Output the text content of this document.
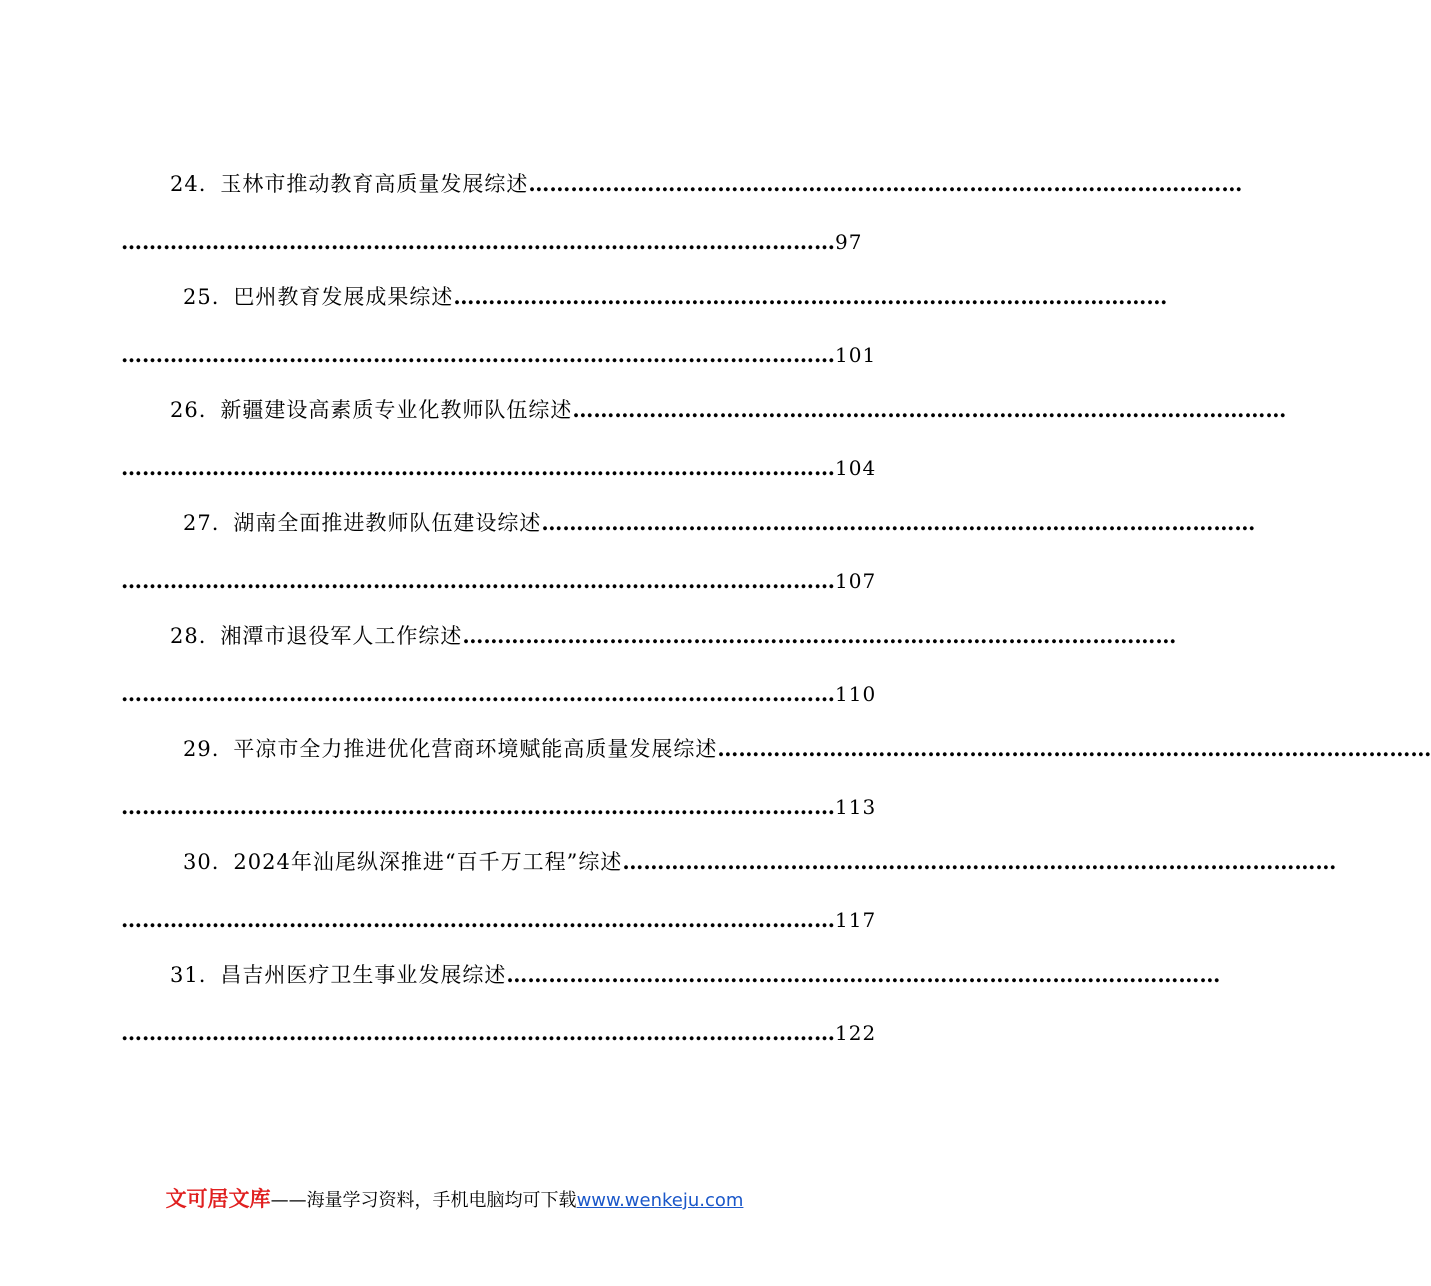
24. 玉林市推动教育高质量发展综述 …………………………………………………………………………………………
………………………………………………………………………………………… 97
25. 巴州教育发展成果综述 …………………………………………………………………………………………
………………………………………………………………………………………… 101
26. 新疆建设高素质专业化教师队伍综述 …………………………………………………………………………………………
………………………………………………………………………………………… 104
27. 湖南全面推进教师队伍建设综述 …………………………………………………………………………………………
………………………………………………………………………………………… 107
28. 湘潭市退役军人工作综述 …………………………………………………………………………………………
………………………………………………………………………………………… 110
29. 平凉市全力推进优化营商环境赋能高质量发展综述 …………………………………………………………………………………………
………………………………………………………………………………………… 113
30. 2024年汕尾纵深推进“百千万工程”综述 …………………………………………………………………………………………
………………………………………………………………………………………… 117
31. 昌吉州医疗卫生事业发展综述 …………………………………………………………………………………………
………………………………………………………………………………………… 122
文可居文库——海量学习资料，手机电脑均可下载www.wenkeju.com
